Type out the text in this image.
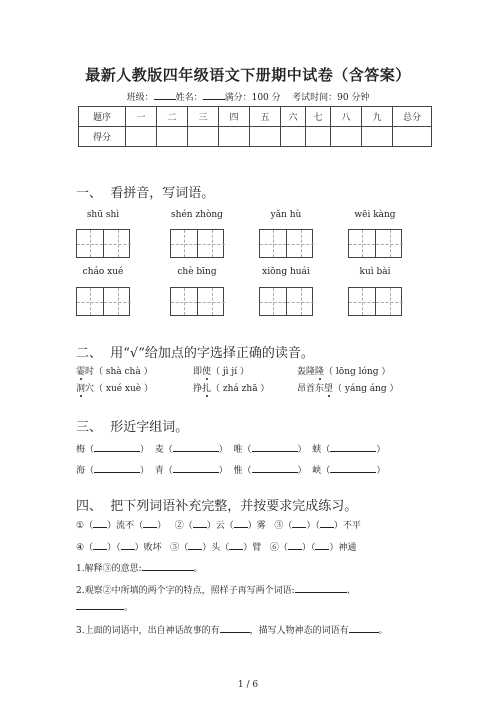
最新人教版四年级语文下册期中试卷（含答案）
班级： 姓名： 满分：100 分 考试时间：90 分钟
题序	一	二	三	四	五	六	七	八	九	总分
得分										
一、 看拼音，写词语。
shū shì	shén zhòng	yǎn hù	wēi kàng
cháo xué	chè bīng	xiōng huái	kuì bài
二、 用“√”给加点的字选择正确的读音。
霎时（ shà chà ）	即使（ jì jí ）	轰隆隆（ lōng lóng ）
洞穴（ xué xuè ）	挣扎（ zhá zhā ）	昂首东望（ yáng áng ）
三、 形近字组词。
梅（	） 麦（	） 唯（	） 蛱（	）
海（	） 青（	） 惟（	） 峡（	）
四、 把下列词语补充完整，并按要求完成练习。
①（ ）流不（ ） ②（ ）云（ ）雾 ③（ ）（ ）不平
④（ ）（ ）败坏 ⑤（ ）头（ ）臂 ⑥（ ）（ ）神通
1.解释③的意思:	。
2.观察②中所填的两个字的特点，照样子再写两个词语:	、
。
3.上面的词语中，出自神话故事的有	，描写人物神态的词语有	。
1 / 6
